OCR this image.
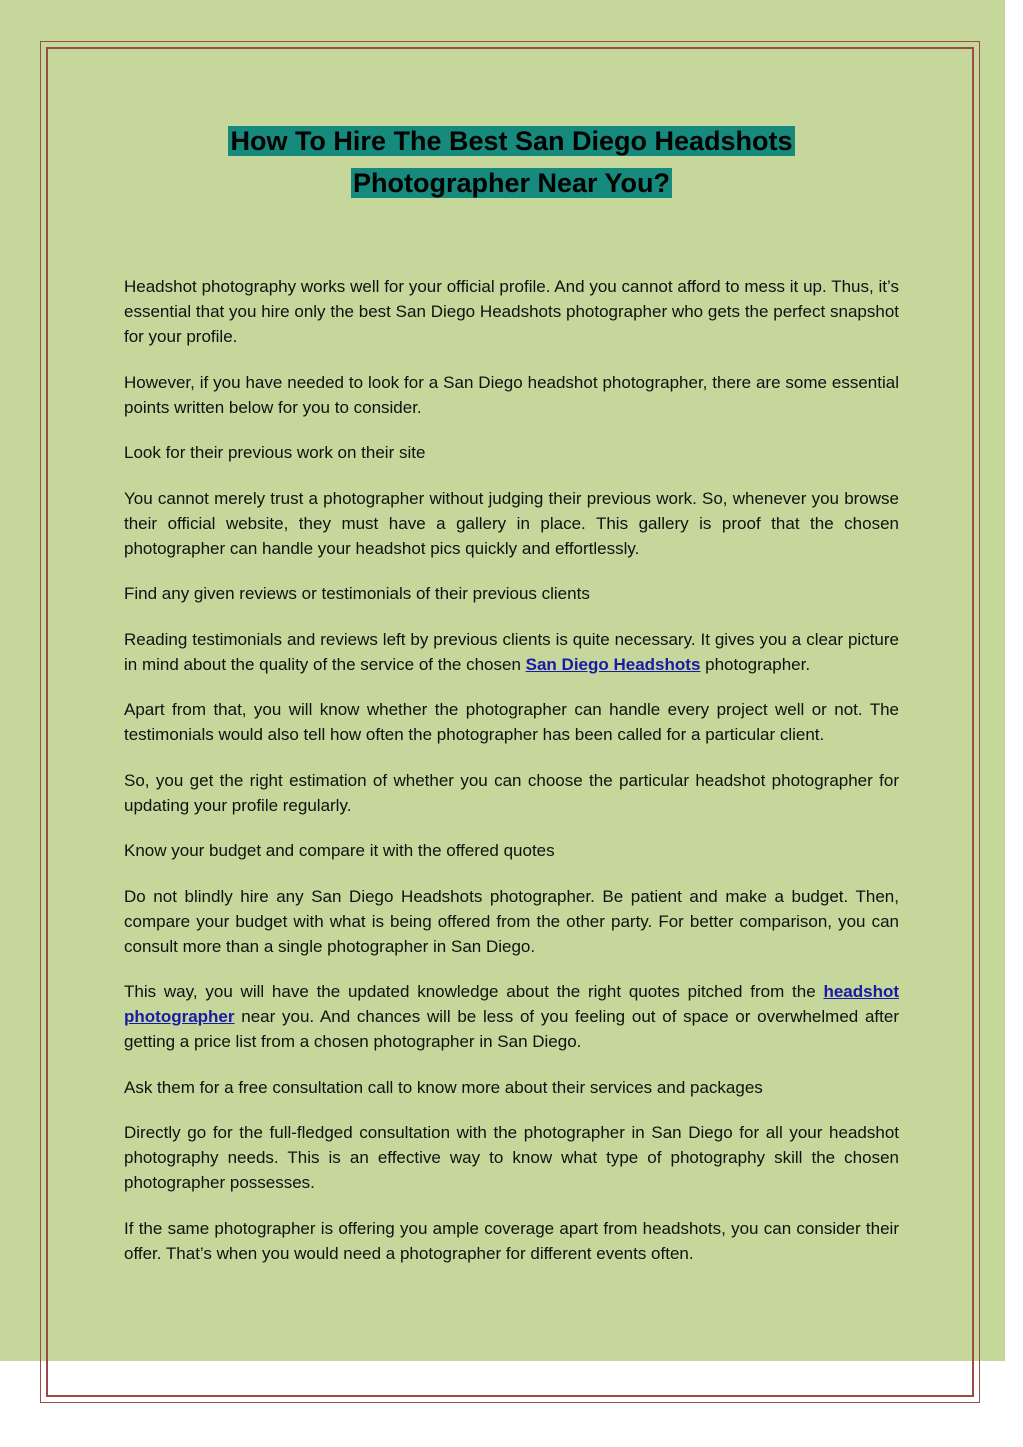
How To Hire The Best San Diego Headshots
Photographer Near You?

Headshot photography works well for your official profile. And you cannot afford to mess it up. Thus, it’s essential that you hire only the best San Diego Headshots photographer who gets the perfect snapshot for your profile.

However, if you have needed to look for a San Diego headshot photographer, there are some essential points written below for you to consider.

Look for their previous work on their site

You cannot merely trust a photographer without judging their previous work. So, whenever you browse their official website, they must have a gallery in place. This gallery is proof that the chosen photographer can handle your headshot pics quickly and effortlessly.

Find any given reviews or testimonials of their previous clients

Reading testimonials and reviews left by previous clients is quite necessary. It gives you a clear picture in mind about the quality of the service of the chosen San Diego Headshots photographer.

Apart from that, you will know whether the photographer can handle every project well or not. The testimonials would also tell how often the photographer has been called for a particular client.

So, you get the right estimation of whether you can choose the particular headshot photographer for updating your profile regularly.

Know your budget and compare it with the offered quotes

Do not blindly hire any San Diego Headshots photographer. Be patient and make a budget. Then, compare your budget with what is being offered from the other party. For better comparison, you can consult more than a single photographer in San Diego.

This way, you will have the updated knowledge about the right quotes pitched from the headshot photographer near you. And chances will be less of you feeling out of space or overwhelmed after getting a price list from a chosen photographer in San Diego.

Ask them for a free consultation call to know more about their services and packages

Directly go for the full-fledged consultation with the photographer in San Diego for all your headshot photography needs. This is an effective way to know what type of photography skill the chosen photographer possesses.

If the same photographer is offering you ample coverage apart from headshots, you can consider their offer. That’s when you would need a photographer for different events often.
